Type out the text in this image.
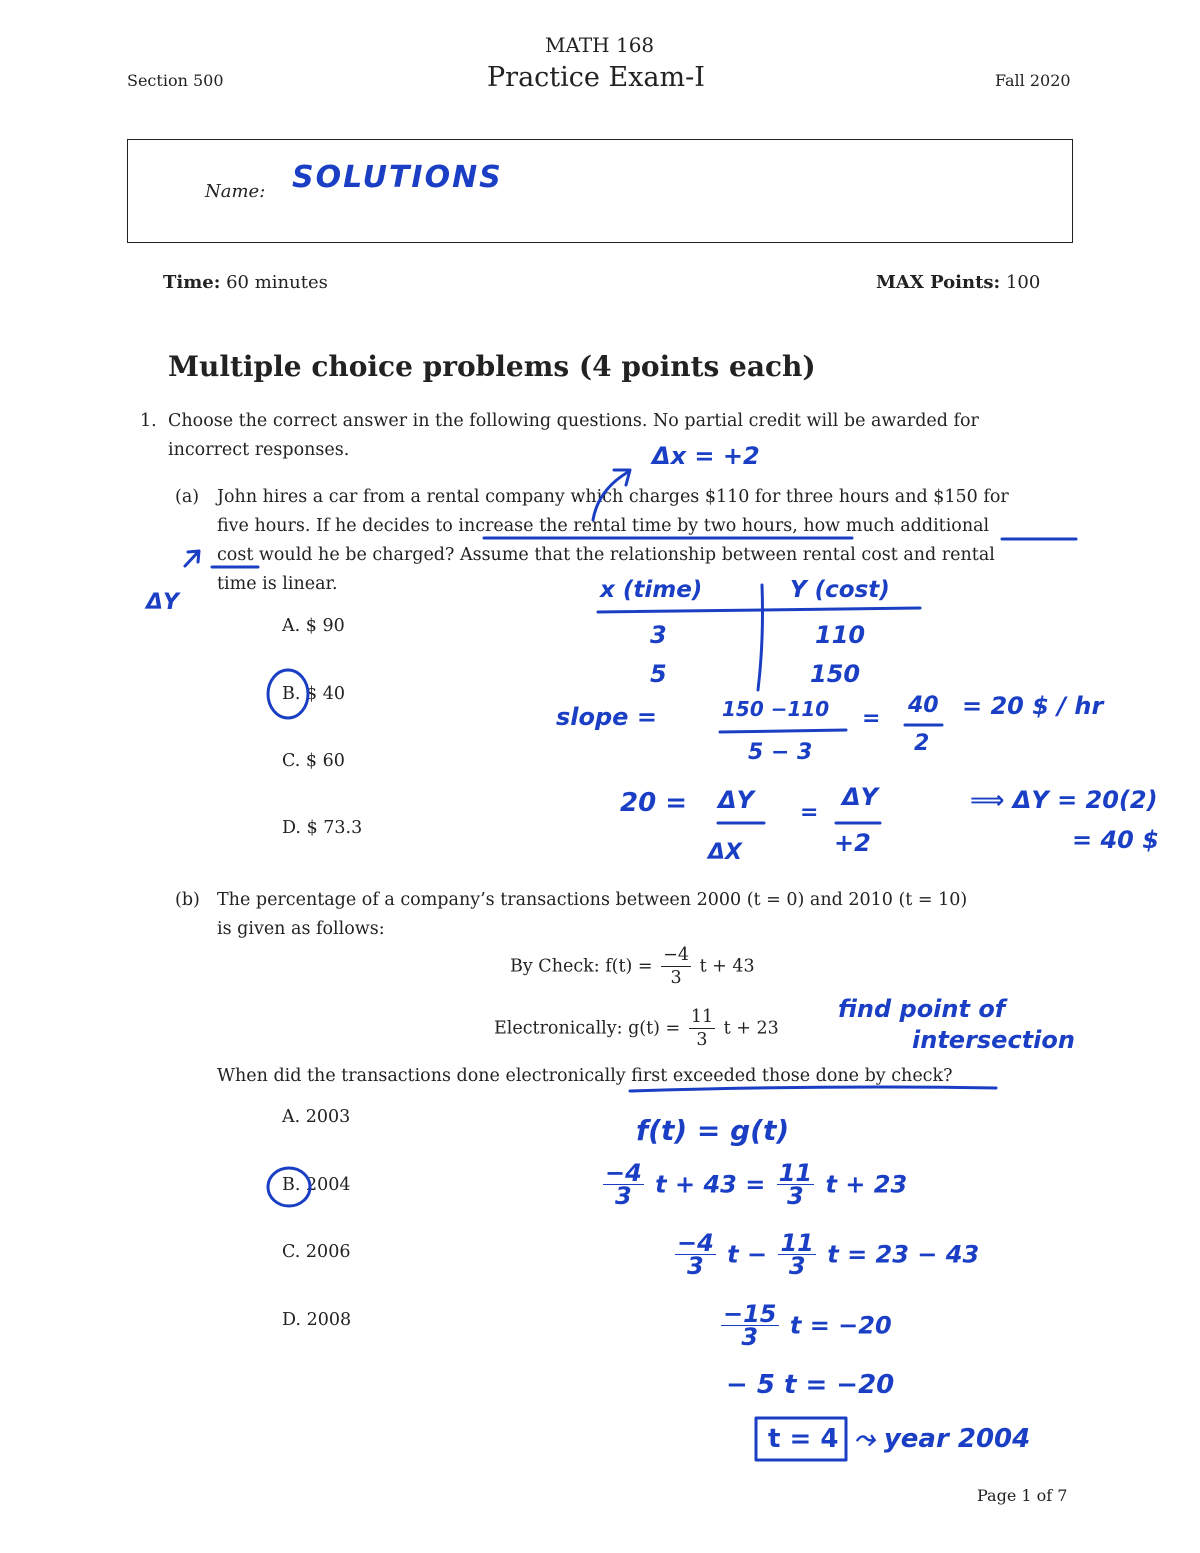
MATH 168
Section 500	Practice Exam-I	Fall 2020
Name: SOLUTIONS
Time: 60 minutes	MAX Points: 100
Multiple choice problems (4 points each)
1. Choose the correct answer in the following questions. No partial credit will be awarded for
incorrect responses.
(a) John hires a car from a rental company which charges $110 for three hours and $150 for
five hours. If he decides to increase the rental time by two hours, how much additional
cost would he be charged? Assume that the relationship between rental cost and rental
time is linear.
A. $ 90
B. $ 40
C. $ 60
D. $ 73.3
(b) The percentage of a company’s transactions between 2000 (t = 0) and 2010 (t = 10)
is given as follows:
By Check: $f(t) = \frac{-4}{3}$ t + 43
Electronically: $g(t) = \frac{11}{3}$ t + 23
When did the transactions done electronically first exceeded those done by check?
A. 2003
B. 2004
C. 2006
D. 2008
Page 1 of 7
Δx = +2
ΔY	x (time)	Y (cost)
3	110
5	150
slope =	150 −110
5 − 3
=
40
2
= 20 $ / hr
20 = ΔY
ΔX
=
ΔY
+2
⟹ ΔY = 20(2)
= 40 $
find point of
intersection
f(t) = g(t)
$\frac{-4}{3}$ $t + 43 = \frac{11}{3}$ t + 23
$\frac{-4}{3}$ $t - \frac{11}{3}$ t = 23 − 43
$\frac{-15}{3}$ t = −20
− 5 t = −20
t = 4 ⤳ year 2004
